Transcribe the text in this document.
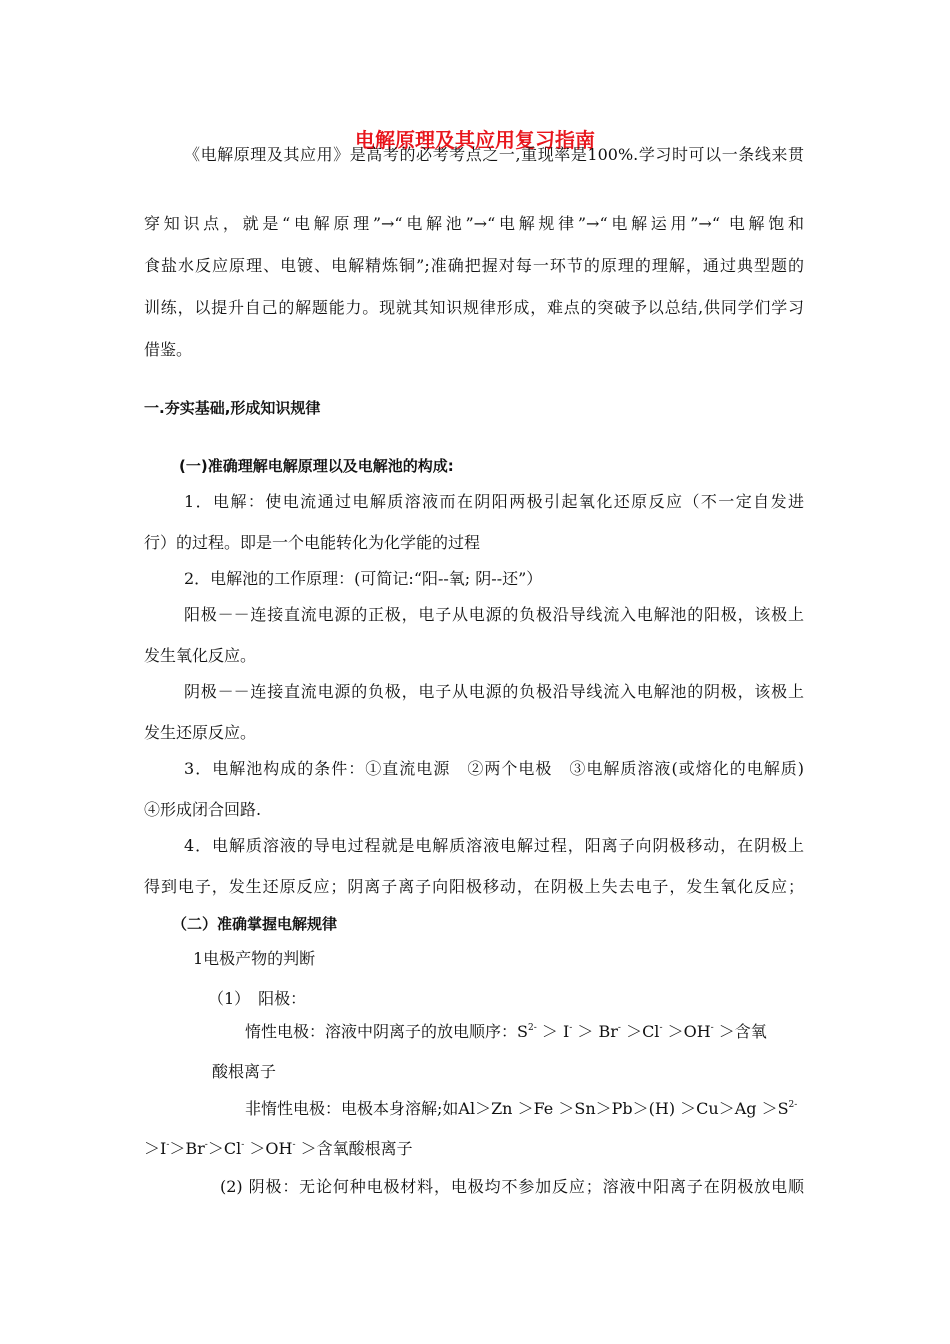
电解原理及其应用复习指南
《电解原理及其应用》是高考的必考考点之一,重现率是100%.学习时可以一条线来贯
穿知识点，就是“电解原理”→“电解池”→“电解规律”→“电解运用”→“ 电解饱和
食盐水反应原理、电镀、电解精炼铜”;准确把握对每一环节的原理的理解，通过典型题的
训练，以提升自己的解题能力。现就其知识规律形成，难点的突破予以总结,供同学们学习
借鉴。
一.夯实基础,形成知识规律
(一)准确理解电解原理以及电解池的构成:
1．电解：使电流通过电解质溶液而在阴阳两极引起氧化还原反应（不一定自发进
行）的过程。即是一个电能转化为化学能的过程
2．电解池的工作原理：(可简记:“阳--氧; 阴--还”）
阳极－－连接直流电源的正极，电子从电源的负极沿导线流入电解池的阳极，该极上
发生氧化反应。
阴极－－连接直流电源的负极，电子从电源的负极沿导线流入电解池的阴极，该极上
发生还原反应。
3．电解池构成的条件：①直流电源　②两个电极　③电解质溶液(或熔化的电解质)
④形成闭合回路.
4．电解质溶液的导电过程就是电解质溶液电解过程，阳离子向阴极移动，在阴极上
得到电子，发生还原反应；阴离子离子向阳极移动，在阴极上失去电子，发生氧化反应；
（二）准确掌握电解规律
1电极产物的判断
（1）　阳极：
惰性电极：溶液中阴离子的放电顺序：$S^{2-} > I^- > Br^- >Cl^- >OH^-$ ＞含氧
酸根离子
非惰性电极：电极本身溶解;如$Al>Zn >Fe >Sn>Pb>(H) >Cu>Ag >S^{2-}$
＞I-＞Br-＞Cl- ＞OH- ＞含氧酸根离子
(2) 阴极：无论何种电极材料，电极均不参加反应；溶液中阳离子在阴极放电顺
